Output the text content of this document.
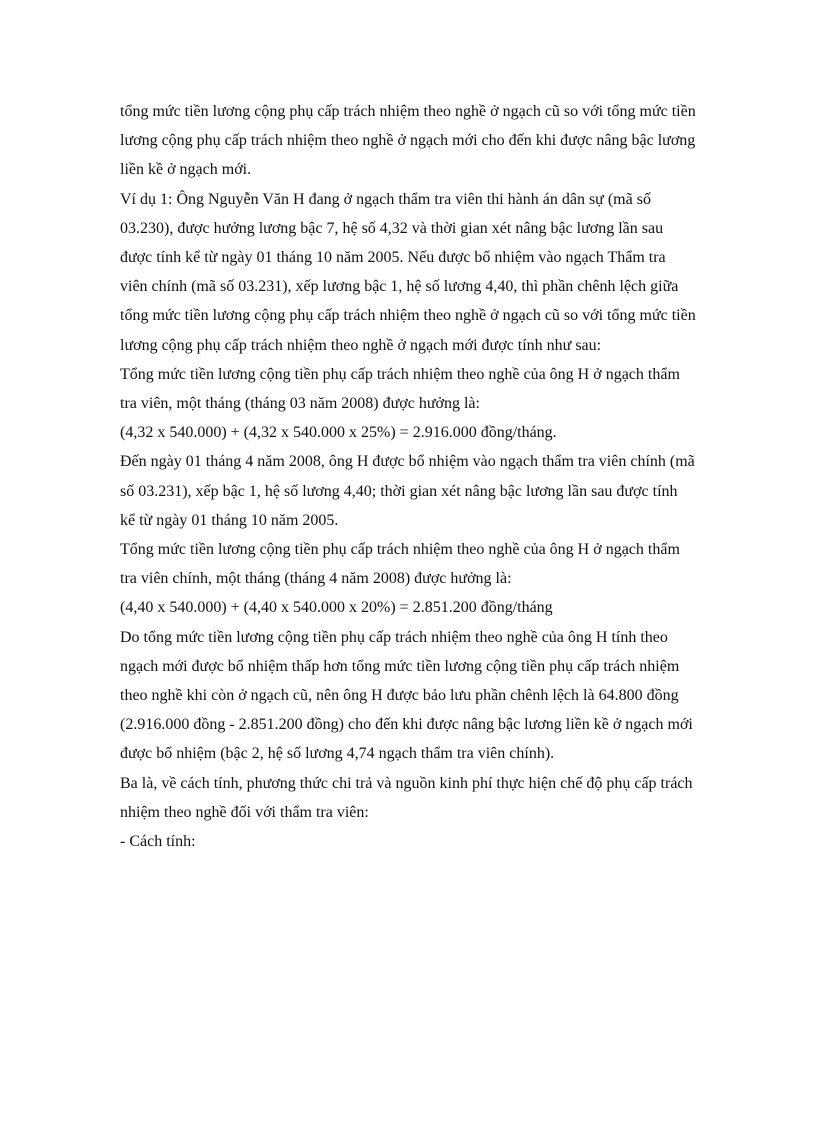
tổng mức tiền lương cộng phụ cấp trách nhiệm theo nghề ở ngạch cũ so với tổng mức tiền
lương cộng phụ cấp trách nhiệm theo nghề ở ngạch mới cho đến khi được nâng bậc lương
liền kề ở ngạch mới.

Ví dụ 1: Ông Nguyễn Văn H đang ở ngạch thẩm tra viên thi hành án dân sự (mã số
03.230), được hưởng lương bậc 7, hệ số 4,32 và thời gian xét nâng bậc lương lần sau
được tính kể từ ngày 01 tháng 10 năm 2005. Nếu được bổ nhiệm vào ngạch Thẩm tra
viên chính (mã số 03.231), xếp lương bậc 1, hệ số lương 4,40, thì phần chênh lệch giữa
tổng mức tiền lương cộng phụ cấp trách nhiệm theo nghề ở ngạch cũ so với tổng mức tiền
lương cộng phụ cấp trách nhiệm theo nghề ở ngạch mới được tính như sau:

Tổng mức tiền lương cộng tiền phụ cấp trách nhiệm theo nghề của ông H ở ngạch thẩm
tra viên, một tháng (tháng 03 năm 2008) được hưởng là:

(4,32 x 540.000) + (4,32 x 540.000 x 25%) = 2.916.000 đồng/tháng.

Đến ngày 01 tháng 4 năm 2008, ông H được bổ nhiệm vào ngạch thẩm tra viên chính (mã
số 03.231), xếp bậc 1, hệ số lương 4,40; thời gian xét nâng bậc lương lần sau được tính
kể từ ngày 01 tháng 10 năm 2005.

Tổng mức tiền lương cộng tiền phụ cấp trách nhiệm theo nghề của ông H ở ngạch thẩm
tra viên chính, một tháng (tháng 4 năm 2008) được hưởng là:

(4,40 x 540.000) + (4,40 x 540.000 x 20%) = 2.851.200 đồng/tháng

Do tổng mức tiền lương cộng tiền phụ cấp trách nhiệm theo nghề của ông H tính theo
ngạch mới được bổ nhiệm thấp hơn tổng mức tiền lương cộng tiền phụ cấp trách nhiệm
theo nghề khi còn ở ngạch cũ, nên ông H được bảo lưu phần chênh lệch là 64.800 đồng
(2.916.000 đồng - 2.851.200 đồng) cho đến khi được nâng bậc lương liền kề ở ngạch mới
được bổ nhiệm (bậc 2, hệ số lương 4,74 ngạch thẩm tra viên chính).

Ba là, về cách tính, phương thức chi trả và nguồn kinh phí thực hiện chế độ phụ cấp trách
nhiệm theo nghề đối với thẩm tra viên:

- Cách tính:
